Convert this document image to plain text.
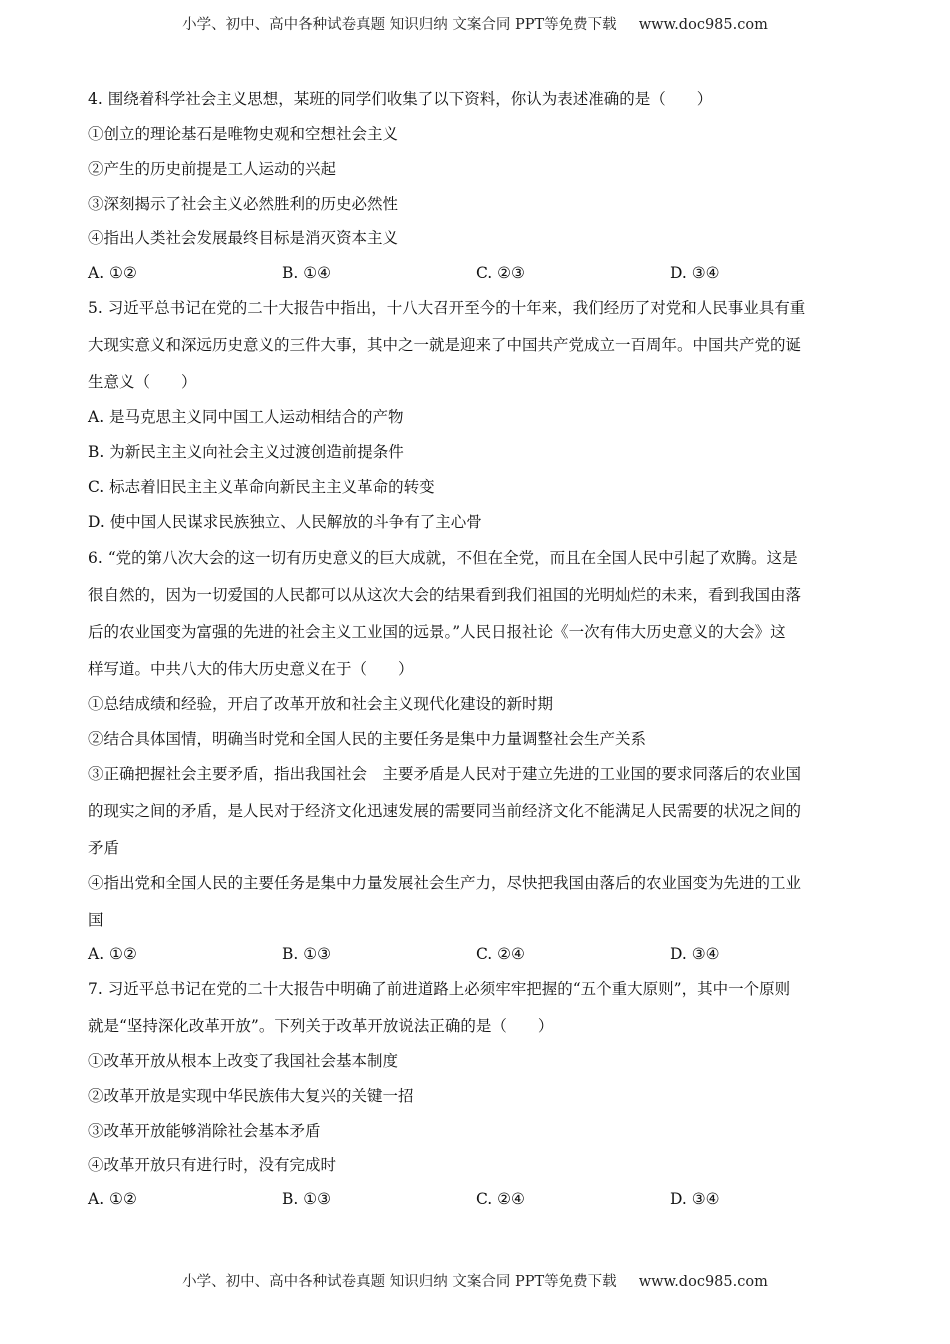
小学、初中、高中各种试卷真题 知识归纳 文案合同 PPT等免费下载 www.doc985.com
4. 围绕着科学社会主义思想，某班的同学们收集了以下资料，你认为表述准确的是（　　）
①创立的理论基石是唯物史观和空想社会主义
②产生的历史前提是工人运动的兴起
③深刻揭示了社会主义必然胜利的历史必然性
④指出人类社会发展最终目标是消灭资本主义
A. ①②	B. ①④	C. ②③	D. ③④
5. 习近平总书记在党的二十大报告中指出，十八大召开至今的十年来，我们经历了对党和人民事业具有重
大现实意义和深远历史意义的三件大事，其中之一就是迎来了中国共产党成立一百周年。中国共产党的诞
生意义（　　）
A. 是马克思主义同中国工人运动相结合的产物
B. 为新民主主义向社会主义过渡创造前提条件
C. 标志着旧民主主义革命向新民主主义革命的转变
D. 使中国人民谋求民族独立、人民解放的斗争有了主心骨
6. “党的第八次大会的这一切有历史意义的巨大成就，不但在全党，而且在全国人民中引起了欢腾。这是
很自然的，因为一切爱国的人民都可以从这次大会的结果看到我们祖国的光明灿烂的未来，看到我国由落
后的农业国变为富强的先进的社会主义工业国的远景。”人民日报社论《一次有伟大历史意义的大会》这
样写道。中共八大的伟大历史意义在于（　　）
①总结成绩和经验，开启了改革开放和社会主义现代化建设的新时期
②结合具体国情，明确当时党和全国人民的主要任务是集中力量调整社会生产关系
③正确把握社会主要矛盾，指出我国社会　主要矛盾是人民对于建立先进的工业国的要求同落后的农业国
的现实之间的矛盾，是人民对于经济文化迅速发展的需要同当前经济文化不能满足人民需要的状况之间的
矛盾
④指出党和全国人民的主要任务是集中力量发展社会生产力，尽快把我国由落后的农业国变为先进的工业
国
A. ①②	B. ①③	C. ②④	D. ③④
7. 习近平总书记在党的二十大报告中明确了前进道路上必须牢牢把握的“五个重大原则”，其中一个原则
就是“坚持深化改革开放”。下列关于改革开放说法正确的是（　　）
①改革开放从根本上改变了我国社会基本制度
②改革开放是实现中华民族伟大复兴的关键一招
③改革开放能够消除社会基本矛盾
④改革开放只有进行时，没有完成时
A. ①②	B. ①③	C. ②④	D. ③④
小学、初中、高中各种试卷真题 知识归纳 文案合同 PPT等免费下载 www.doc985.com
